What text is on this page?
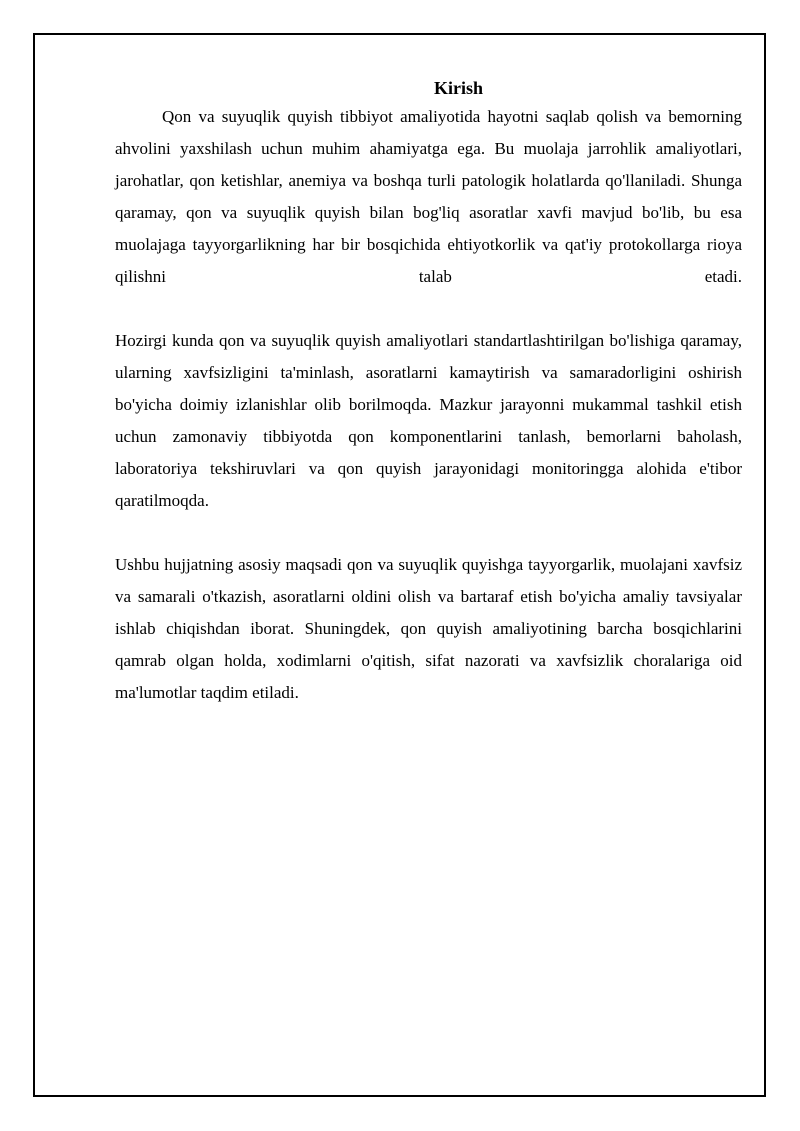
Kirish

Qon va suyuqlik quyish tibbiyot amaliyotida hayotni saqlab qolish va bemorning ahvolini yaxshilash uchun muhim ahamiyatga ega. Bu muolaja jarrohlik amaliyotlari, jarohatlar, qon ketishlar, anemiya va boshqa turli patologik holatlarda qo'llaniladi. Shunga qaramay, qon va suyuqlik quyish bilan bog'liq asoratlar xavfi mavjud bo'lib, bu esa muolajaga tayyorgarlikning har bir bosqichida ehtiyotkorlik va qat'iy protokollarga rioya qilishni talab etadi.

Hozirgi kunda qon va suyuqlik quyish amaliyotlari standartlashtirilgan bo'lishiga qaramay, ularning xavfsizligini ta'minlash, asoratlarni kamaytirish va samaradorligini oshirish bo'yicha doimiy izlanishlar olib borilmoqda. Mazkur jarayonni mukammal tashkil etish uchun zamonaviy tibbiyotda qon komponentlarini tanlash, bemorlarni baholash, laboratoriya tekshiruvlari va qon quyish jarayonidagi monitoringga alohida e'tibor qaratilmoqda.

Ushbu hujjatning asosiy maqsadi qon va suyuqlik quyishga tayyorgarlik, muolajani xavfsiz va samarali o'tkazish, asoratlarni oldini olish va bartaraf etish bo'yicha amaliy tavsiyalar ishlab chiqishdan iborat. Shuningdek, qon quyish amaliyotining barcha bosqichlarini qamrab olgan holda, xodimlarni o'qitish, sifat nazorati va xavfsizlik choralariga oid ma'lumotlar taqdim etiladi.
